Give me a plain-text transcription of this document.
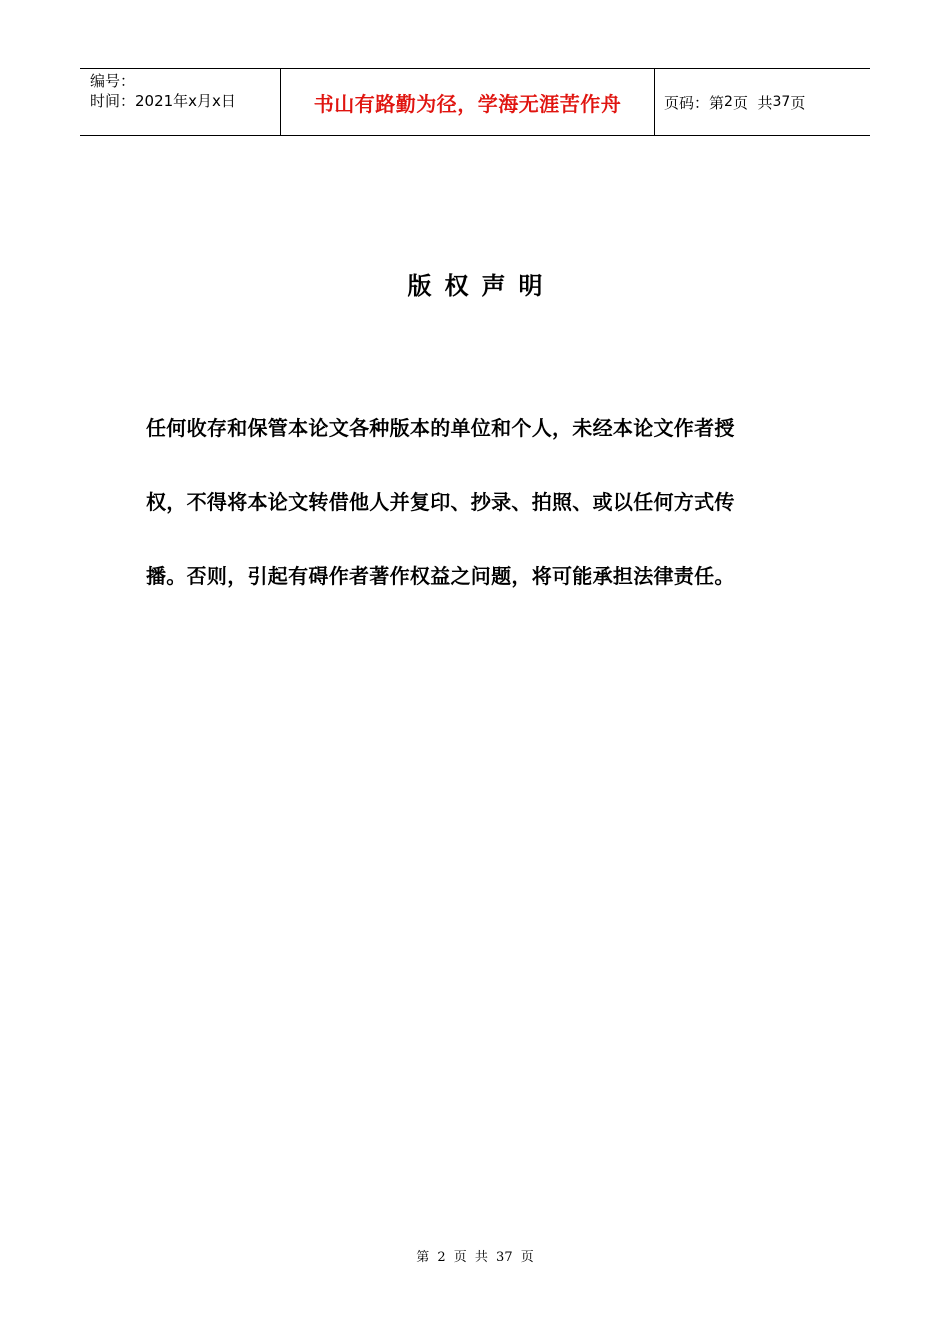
编号：
时间：2021年x月x日	书山有路勤为径，学海无涯苦作舟	页码：第 2 页  共 37 页
版权声明
任何收存和保管本论文各种版本的单位和个人，未经本论文作者授
权，不得将本论文转借他人并复印、抄录、拍照、或以任何方式传
播。否则，引起有碍作者著作权益之问题，将可能承担法律责任。
第 2 页 共 37 页
